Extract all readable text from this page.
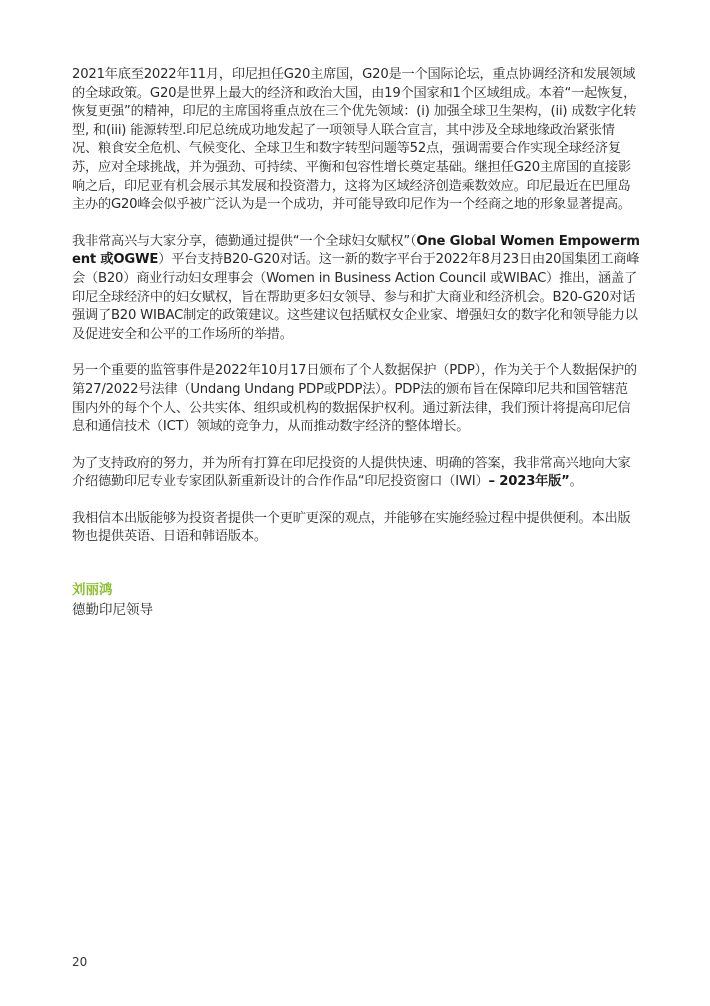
2021年底至2022年11月，印尼担任G20主席国，G20是一个国际论坛，重点协调经济和发展领域的全球政策。G20是世界上最大的经济和政治大国，由19个国家和1个区域组成。本着“一起恢复，恢复更强”的精神，印尼的主席国将重点放在三个优先领域：(i) 加强全球卫生架构，(ii) 成数字化转型, 和(iii) 能源转型.印尼总统成功地发起了一项领导人联合宣言，其中涉及全球地缘政治紧张情况、粮食安全危机、气候变化、全球卫生和数字转型问题等52点，强调需要合作实现全球经济复苏，应对全球挑战，并为强劲、可持续、平衡和包容性增长奠定基础。继担任G20主席国的直接影响之后，印尼亚有机会展示其发展和投资潜力，这将为区域经济创造乘数效应。印尼最近在巴厘岛主办的G20峰会似乎被广泛认为是一个成功，并可能导致印尼作为一个经商之地的形象显著提高。

我非常高兴与大家分享，德勤通过提供“一个全球妇女赋权”（One Global Women Empowerment 或OGWE）平台支持B20-G20对话。这一新的数字平台于2022年8月23日由20国集团工商峰会（B20）商业行动妇女理事会（Women in Business Action Council 或WIBAC）推出，涵盖了印尼全球经济中的妇女赋权，旨在帮助更多妇女领导、参与和扩大商业和经济机会。B20-G20对话强调了B20 WIBAC制定的政策建议。这些建议包括赋权女企业家、增强妇女的数字化和领导能力以及促进安全和公平的工作场所的举措。

另一个重要的监管事件是2022年10月17日颁布了个人数据保护（PDP），作为关于个人数据保护的第27/2022号法律（Undang Undang PDP或PDP法）。PDP法的颁布旨在保障印尼共和国管辖范围内外的每个个人、公共实体、组织或机构的数据保护权利。通过新法律，我们预计将提高印尼信息和通信技术（ICT）领域的竞争力，从而推动数字经济的整体增长。

为了支持政府的努力，并为所有打算在印尼投资的人提供快速、明确的答案，我非常高兴地向大家介绍德勤印尼专业专家团队新重新设计的合作作品“印尼投资窗口（IWI）– 2023年版”。

我相信本出版能够为投资者提供一个更旷更深的观点，并能够在实施经验过程中提供便利。本出版物也提供英语、日语和韩语版本。

刘丽鸿

德勤印尼领导

20
